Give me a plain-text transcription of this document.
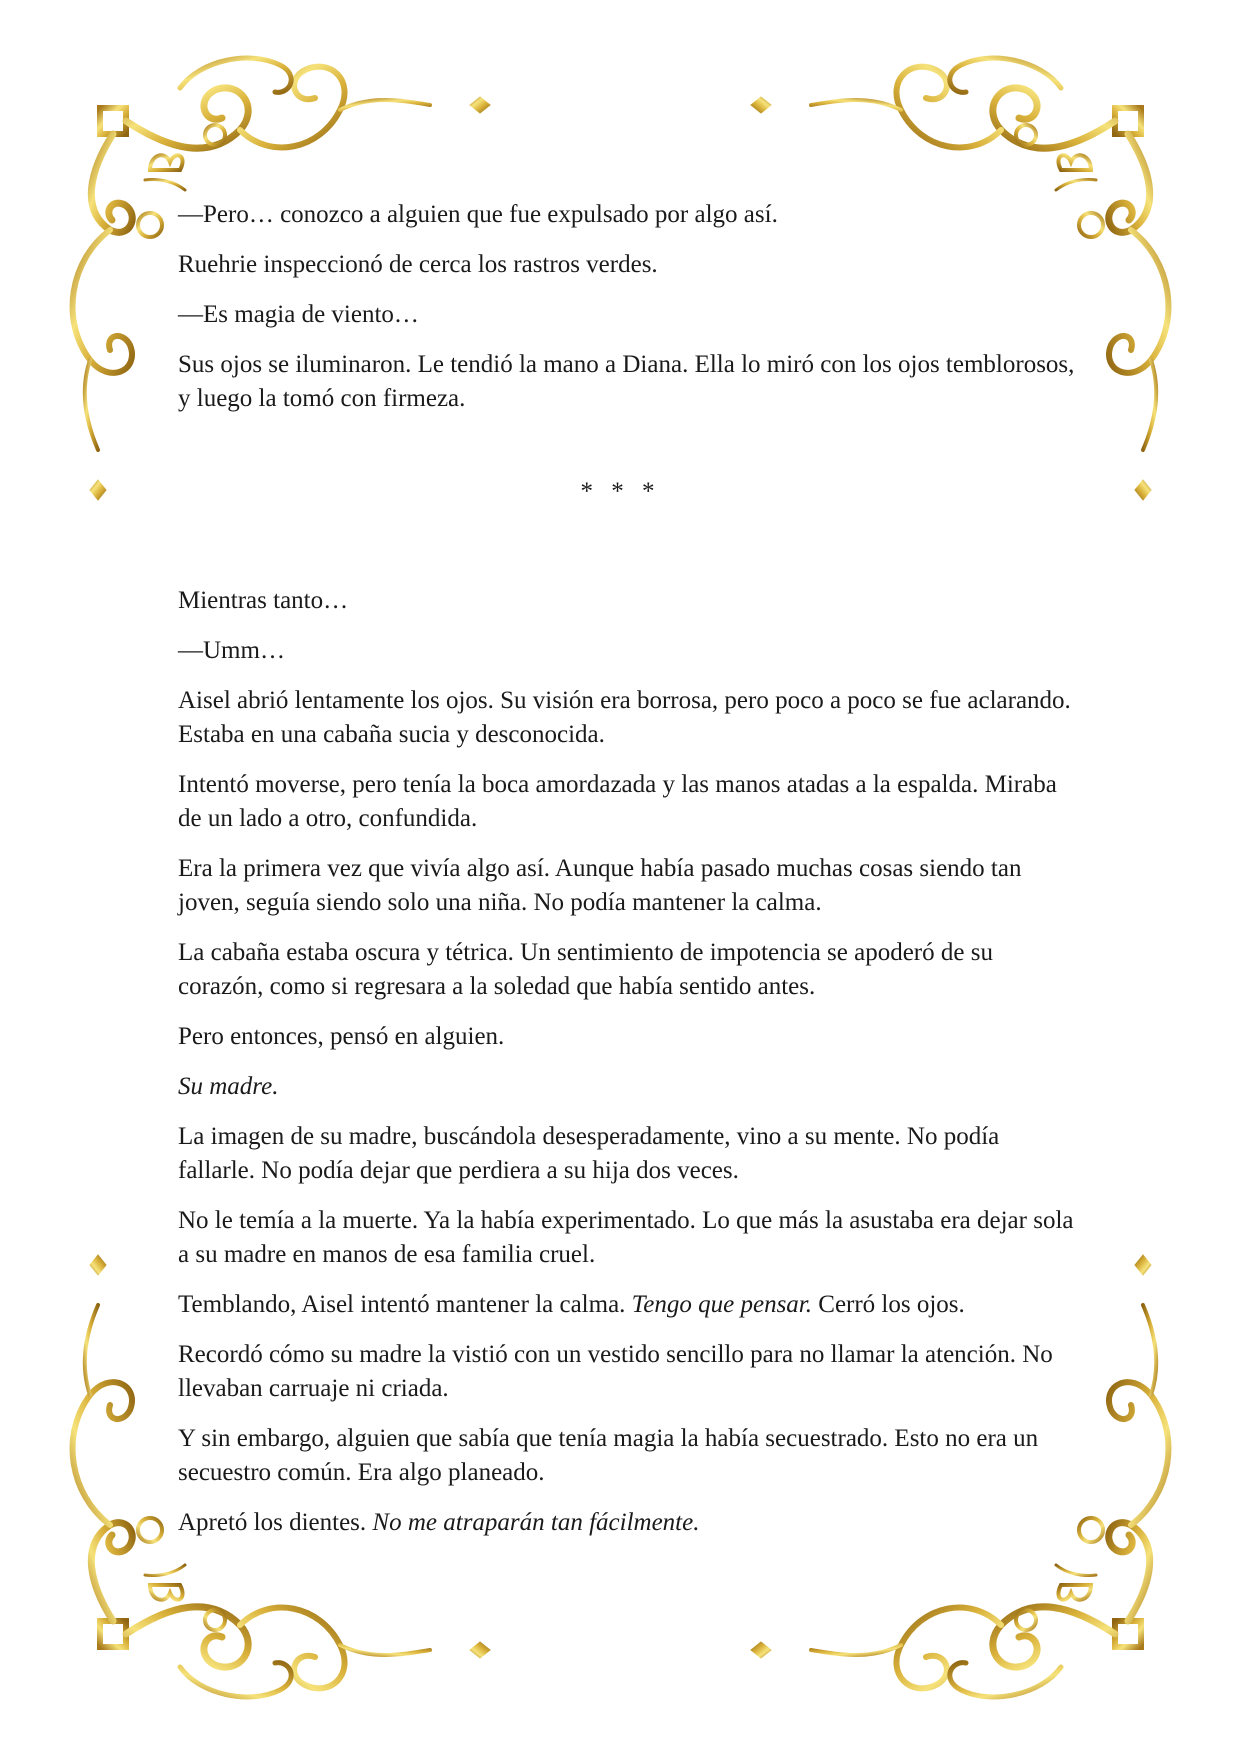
—Pero… conozco a alguien que fue expulsado por algo así.

Ruehrie inspeccionó de cerca los rastros verdes.

—Es magia de viento…

Sus ojos se iluminaron. Le tendió la mano a Diana. Ella lo miró con los ojos temblorosos, y luego la tomó con firmeza.

* * *

Mientras tanto…

—Umm…

Aisel abrió lentamente los ojos. Su visión era borrosa, pero poco a poco se fue aclarando. Estaba en una cabaña sucia y desconocida.

Intentó moverse, pero tenía la boca amordazada y las manos atadas a la espalda. Miraba de un lado a otro, confundida.

Era la primera vez que vivía algo así. Aunque había pasado muchas cosas siendo tan joven, seguía siendo solo una niña. No podía mantener la calma.

La cabaña estaba oscura y tétrica. Un sentimiento de impotencia se apoderó de su corazón, como si regresara a la soledad que había sentido antes.

Pero entonces, pensó en alguien.

Su madre.

La imagen de su madre, buscándola desesperadamente, vino a su mente. No podía fallarle. No podía dejar que perdiera a su hija dos veces.

No le temía a la muerte. Ya la había experimentado. Lo que más la asustaba era dejar sola a su madre en manos de esa familia cruel.

Temblando, Aisel intentó mantener la calma. Tengo que pensar. Cerró los ojos.

Recordó cómo su madre la vistió con un vestido sencillo para no llamar la atención. No llevaban carruaje ni criada.

Y sin embargo, alguien que sabía que tenía magia la había secuestrado. Esto no era un secuestro común. Era algo planeado.

Apretó los dientes. No me atraparán tan fácilmente.
